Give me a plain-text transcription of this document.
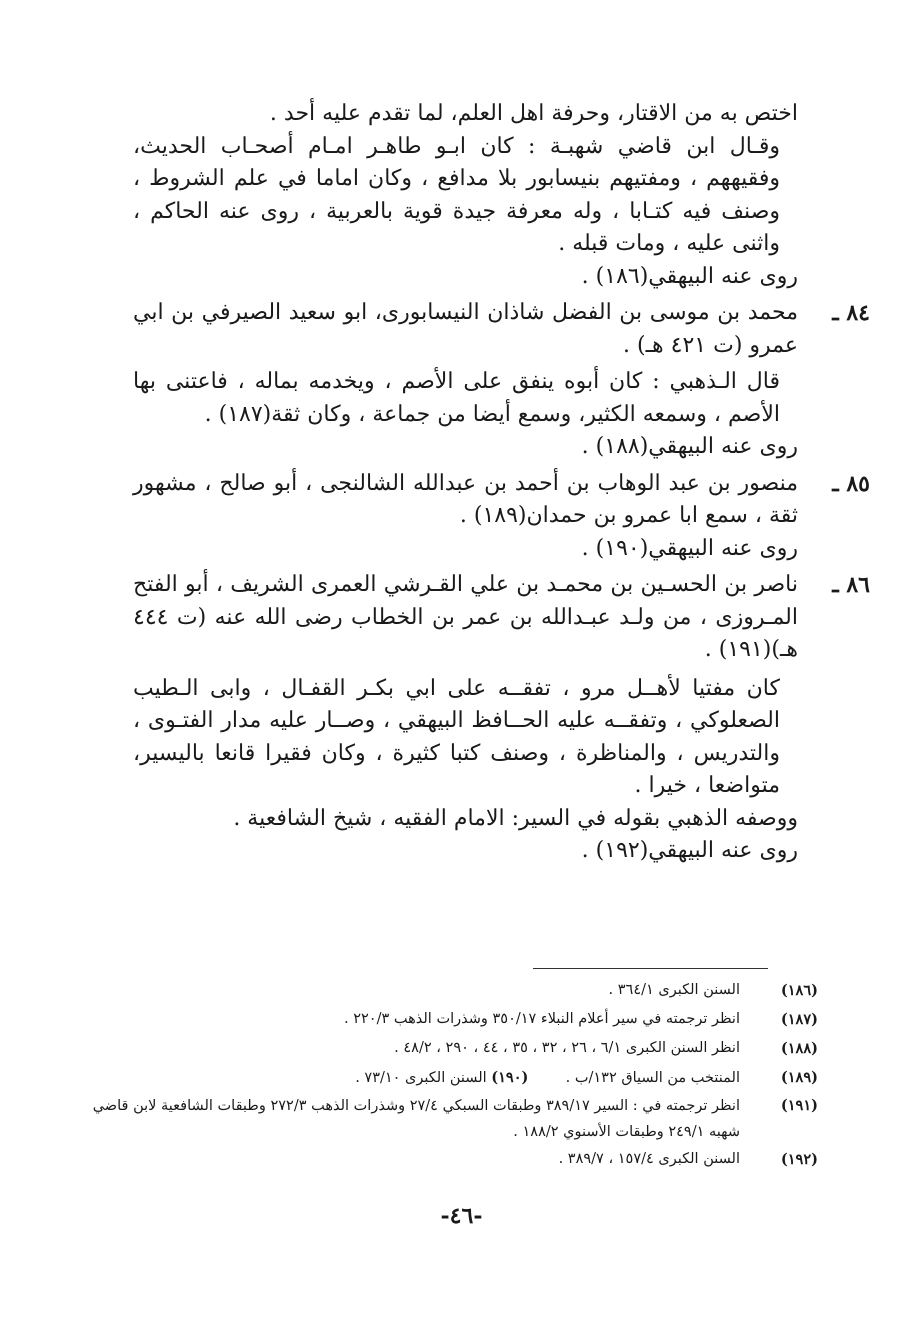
اختص به من الاقتار، وحرفة اهل العلم، لما تقدم عليه أحد .

وقـال ابن قاضي شهبـة : كان ابـو طاهـر امـام أصحـاب الحديث، وفقيههم ، ومفتيهم بنيسابور بلا مدافع ، وكان اماما في علم الشروط ، وصنف فيه كتـابا ، وله معرفة جيدة قوية بالعربية ، روى عنه الحاكم ، واثنى عليه ، ومات قبله .

روى عنه البيهقي(١٨٦) .

٨٤ ـ

محمد بن موسى بن الفضل شاذان النيسابورى، ابو سعيد الصيرفي بن ابي عمرو (ت ٤٢١ هـ) .

قال الـذهبي : كان أبوه ينفق على الأصم ، ويخدمه بماله ، فاعتنى بها الأصم ، وسمعه الكثير، وسمع أيضا من جماعة ، وكان ثقة(١٨٧) .

روى عنه البيهقي(١٨٨) .

٨٥ ـ

منصور بن عبد الوهاب بن أحمد بن عبدالله الشالنجى ، أبو صالح ، مشهور ثقة ، سمع ابا عمرو بن حمدان(١٨٩) .

روى عنه البيهقي(١٩٠) .

٨٦ ـ

ناصر بن الحسـين بن محمـد بن علي القـرشي العمرى الشريف ، أبو الفتح المـروزى ، من ولـد عبـدالله بن عمر بن الخطاب رضى الله عنه (ت ٤٤٤ هـ)(١٩١) .

كان مفتيا لأهــل مرو ، تفقــه على ابي بكـر القفـال ، وابى الـطيب الصعلوكي ، وتفقــه عليه الحــافظ البيهقي ، وصــار عليه مدار الفتـوى ، والتدريس ، والمناظرة ، وصنف كتبا كثيرة ، وكان فقيرا قانعا باليسير، متواضعا ، خيرا .

ووصفه الذهبي بقوله في السير: الامام الفقيه ، شيخ الشافعية .

روى عنه البيهقي(١٩٢) .

(١٨٦)
السنن الكبرى ٣٦٤/١ .

(١٨٧)
انظر ترجمته في سير أعلام النبلاء ٣٥٠/١٧ وشذرات الذهب ٢٢٠/٣ .

(١٨٨)
انظر السنن الكبرى ٦/١ ، ٢٦ ، ٣٢ ، ٣٥ ، ٤٤ ، ٢٩٠ ، ٤٨/٢ .

(١٨٩)
المنتخب من السياق ١٣٢/ب .  (١٩٠) السنن الكبرى ٧٣/١٠ .

(١٩١)
انظر ترجمته في : السير ٣٨٩/١٧ وطبقات السبكي ٢٧/٤ وشذرات الذهب ٢٧٢/٣ وطبقات الشافعية لابن قاضي شهبه ٢٤٩/١ وطبقات الأسنوي ١٨٨/٢ .

(١٩٢)
السنن الكبرى ١٥٧/٤ ، ٣٨٩/٧ .

-٤٦-
